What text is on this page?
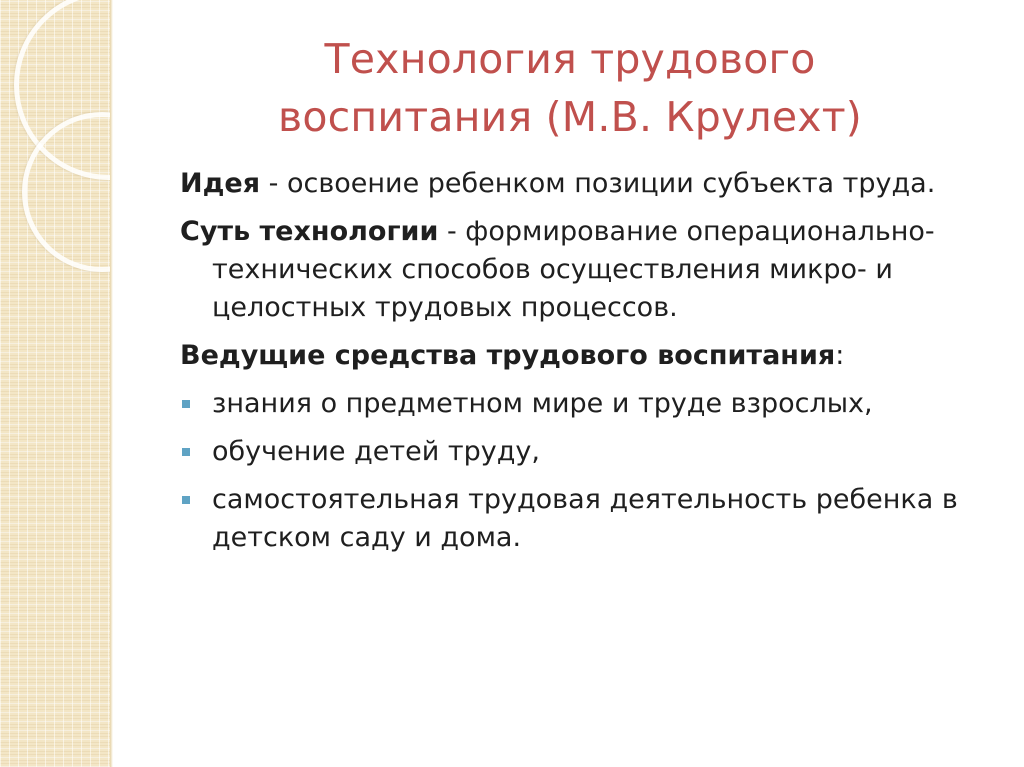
Технология трудового
воспитания (М.В. Крулехт)

Идея - освоение ребенком позиции субъекта труда.

Суть технологии - формирование операционально-технических способов осуществления микро- и целостных трудовых процессов.

Ведущие средства трудового воспитания:

знания о предметном мире и труде взрослых,
обучение детей труду,
самостоятельная трудовая деятельность ребенка в детском саду и дома.
